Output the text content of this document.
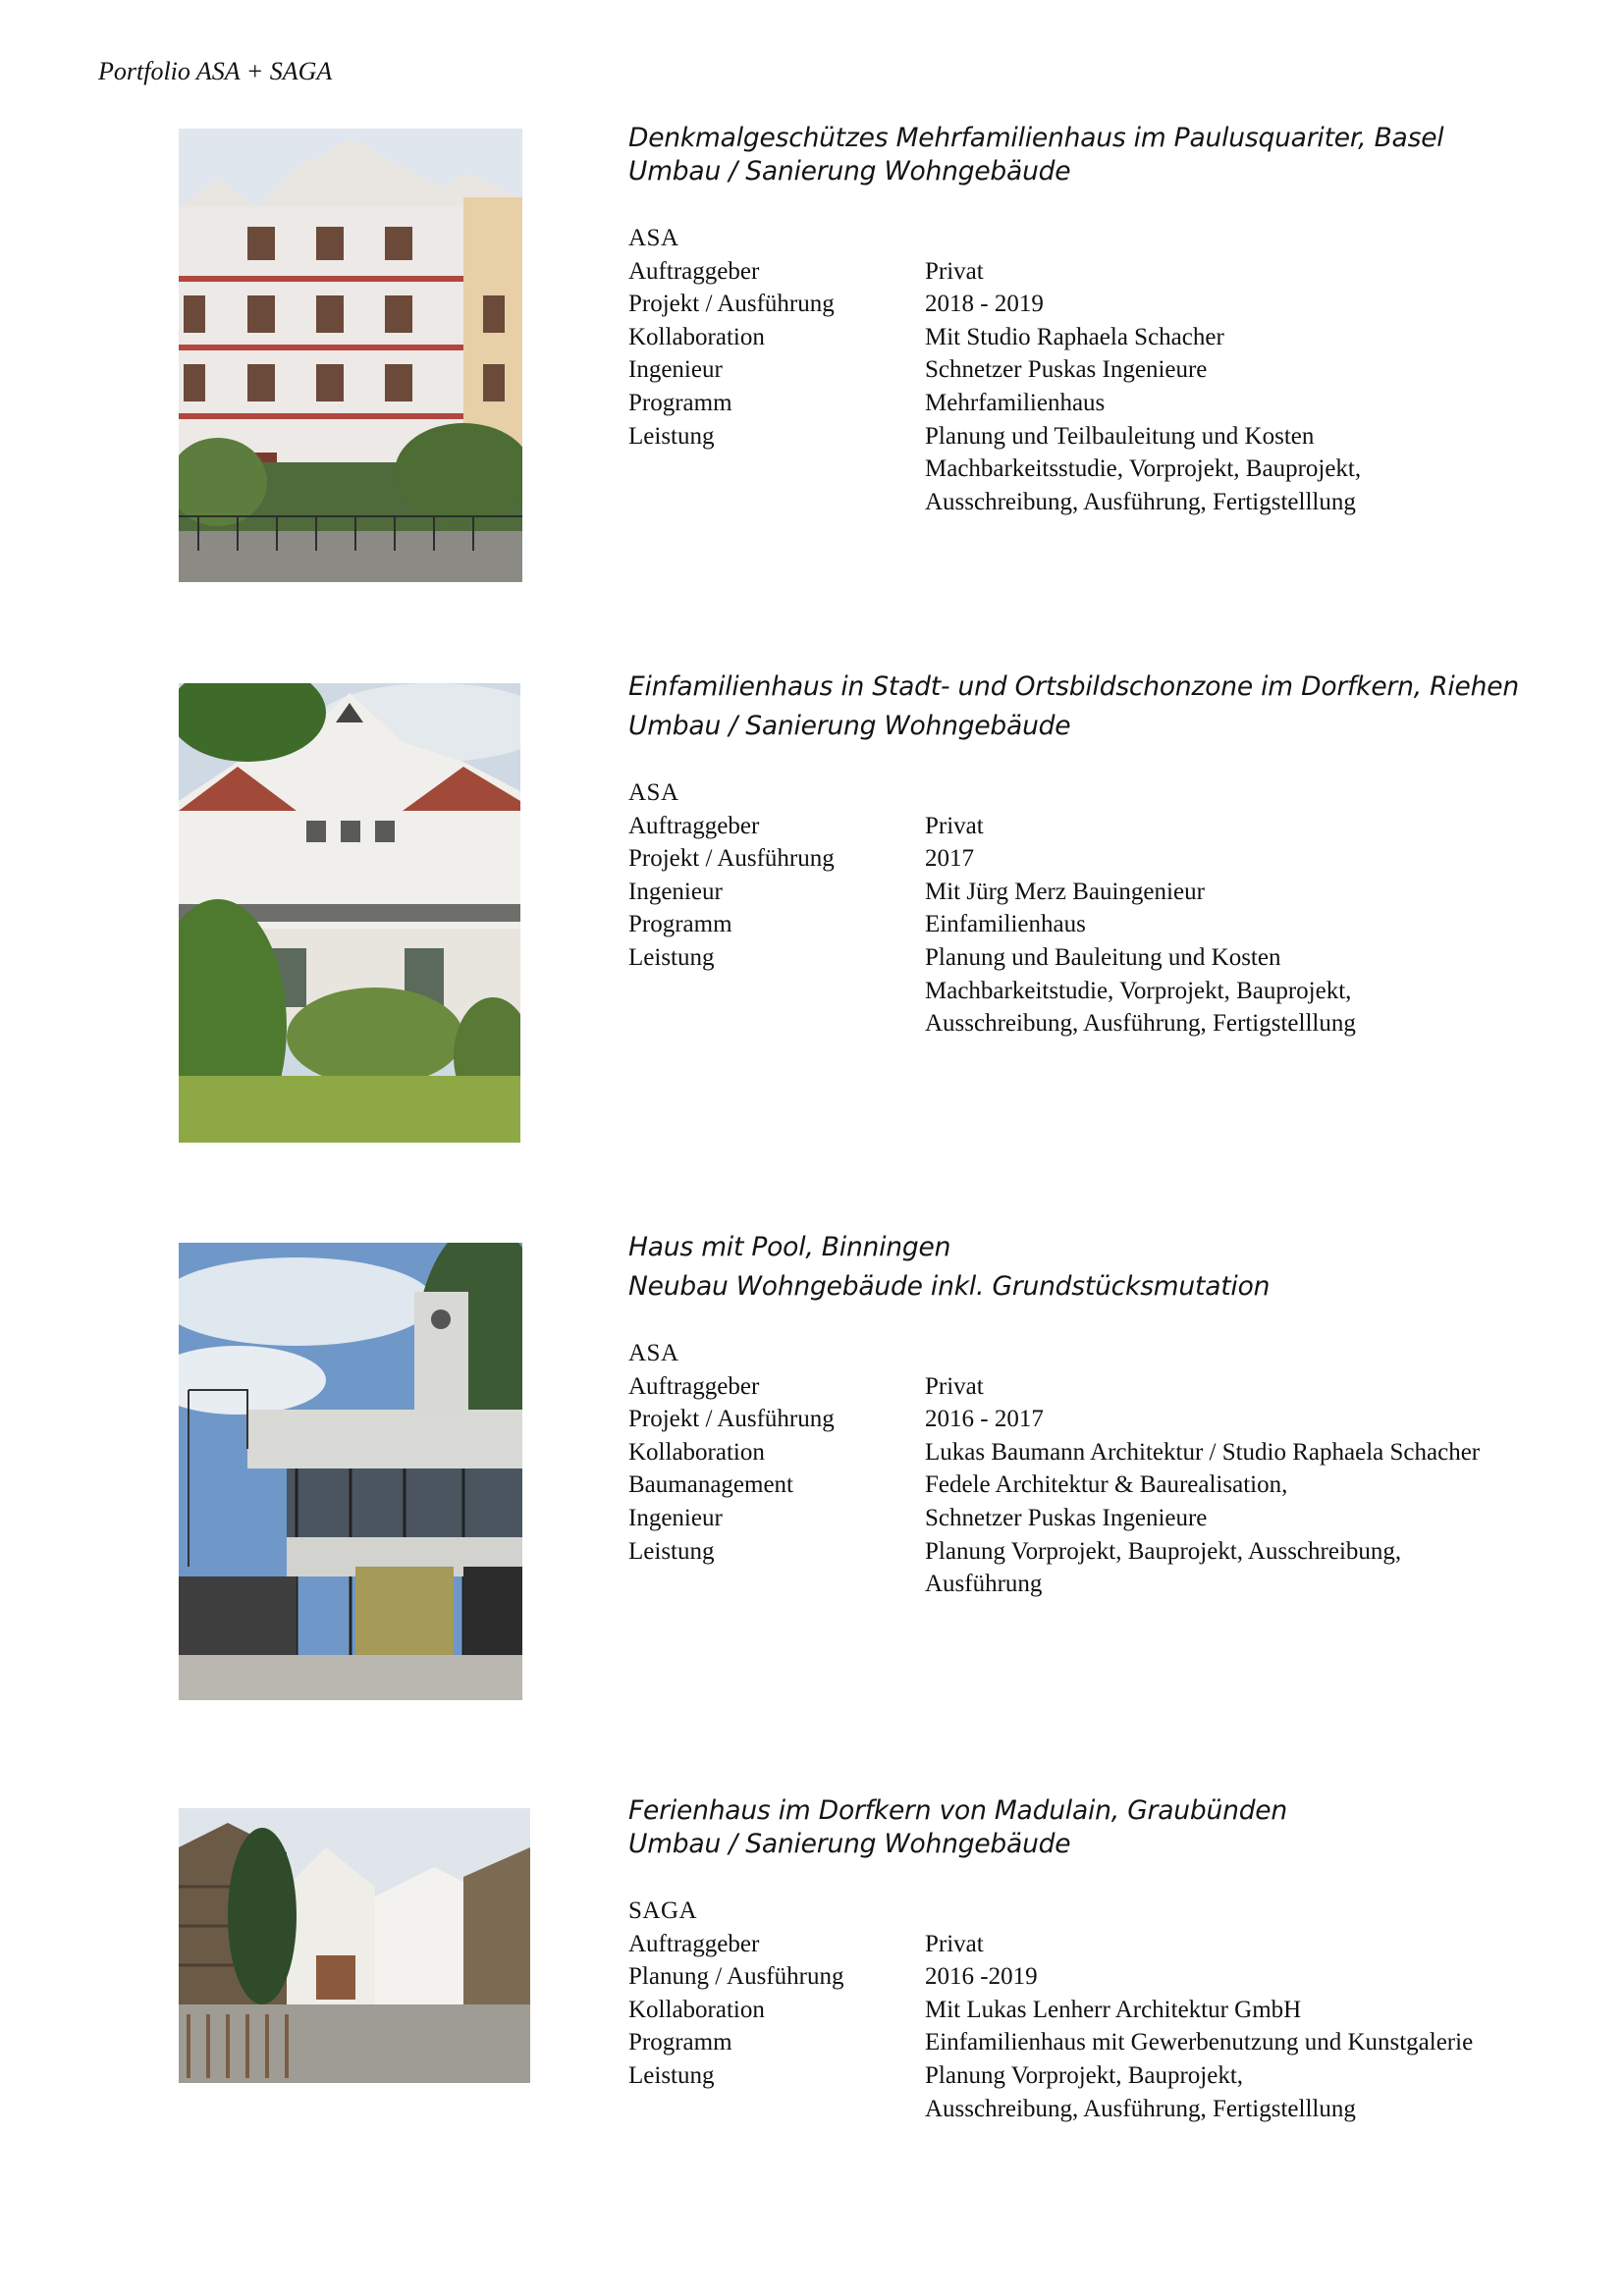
Portfolio ASA + SAGA
Denkmalgeschützes Mehrfamilienhaus im Paulusquariter, Basel
Umbau / Sanierung Wohngebäude
ASA
Auftraggeber	Privat
Projekt / Ausführung	2018 - 2019
Kollaboration	Mit Studio Raphaela Schacher
Ingenieur	Schnetzer Puskas Ingenieure
Programm	Mehrfamilienhaus
Leistung	Planung und Teilbauleitung und Kosten
Machbarkeitsstudie, Vorprojekt, Bauprojekt,
Ausschreibung, Ausführung, Fertigstelllung
Einfamilienhaus in Stadt- und Ortsbildschonzone im Dorfkern, Riehen
Umbau / Sanierung Wohngebäude
ASA
Auftraggeber	Privat
Projekt / Ausführung	2017
Ingenieur	Mit Jürg Merz Bauingenieur
Programm	Einfamilienhaus
Leistung	Planung und Bauleitung und Kosten
Machbarkeitstudie, Vorprojekt, Bauprojekt,
Ausschreibung, Ausführung, Fertigstelllung
Haus mit Pool, Binningen
Neubau Wohngebäude inkl. Grundstücksmutation
ASA
Auftraggeber	Privat
Projekt / Ausführung	2016 - 2017
Kollaboration	Lukas Baumann Architektur / Studio Raphaela Schacher
Baumanagement	Fedele Architektur & Baurealisation,
Ingenieur	Schnetzer Puskas Ingenieure
Leistung	Planung Vorprojekt, Bauprojekt, Ausschreibung,
Ausführung
Ferienhaus im Dorfkern von Madulain, Graubünden
Umbau / Sanierung Wohngebäude
SAGA
Auftraggeber	Privat
Planung / Ausführung	2016 -2019
Kollaboration	Mit Lukas Lenherr Architektur GmbH
Programm	Einfamilienhaus mit Gewerbenutzung und Kunstgalerie
Leistung	Planung Vorprojekt, Bauprojekt,
Ausschreibung, Ausführung, Fertigstelllung
